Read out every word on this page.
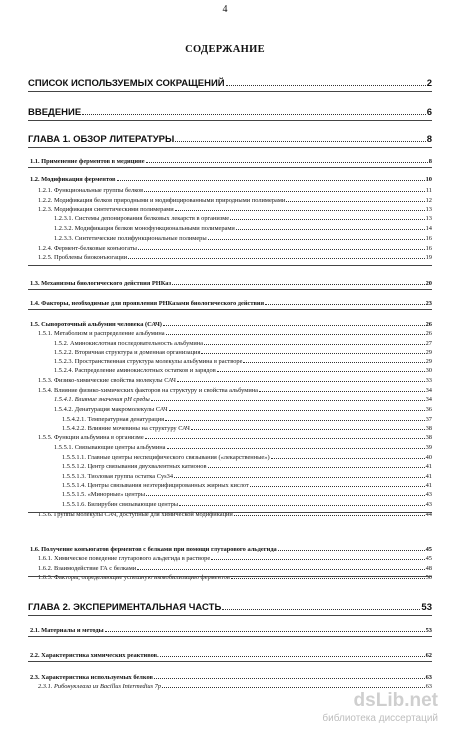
4
СОДЕРЖАНИЕ
СПИСОК ИСПОЛЬЗУЕМЫХ СОКРАЩЕНИЙ	2
ВВЕДЕНИЕ	6
ГЛАВА 1. ОБЗОР ЛИТЕРАТУРЫ	8
1.1. Применение ферментов в медицине	8
1.2. Модификация ферментов	10
1.2.1. Функциональные группы белков	11
1.2.2. Модификация белков природными и модифицированными природными полимерами	12
1.2.3. Модификация синтетическими полимерами	13
1.2.3.1. Системы депонирования белковых лекарств в организме	13
1.2.3.2. Модификация белков монофункциональными полимерами	14
1.2.3.3. Синтетические полифункциональные полимеры	16
1.2.4. Фермент-белковые конъюгаты	16
1.2.5. Проблемы биоконъюгации	19
1.3. Механизмы биологического действия РНКаз	20
1.4. Факторы, необходимые для проявления РНКазами биологического действия	23
1.5. Сывороточный альбумин человека (САЧ)	26
1.5.1. Метаболизм и распределение альбумина	26
1.5.2. Аминокислотная последовательность альбумина	27
1.5.2.2. Вторичная структура и доменная организация	29
1.5.2.3. Пространственная структура молекулы альбумина в растворе	29
1.5.2.4. Распределение аминокислотных остатков и зарядов	30
1.5.3. Физико-химические свойства молекулы САЧ	33
1.5.4. Влияние физико-химических факторов на структуру и свойства альбумина	34
1.5.4.1. Влияние значения рН среды	34
1.5.4.2. Денатурация макромолекулы САЧ	36
1.5.4.2.1. Температурная денатурация	37
1.5.4.2.2. Влияние мочевины на структуру САЧ	38
1.5.5. Функции альбумина в организме	38
1.5.5.1. Связывающие центры альбумина	39
1.5.5.1.1. Главные центры неспецифического связывания («лекарственные»)	40
1.5.5.1.2. Центр связывания двухвалентных катионов	41
1.5.5.1.3. Тиоловая группа остатка Cys34	41
1.5.5.1.4. Центры связывания неэтерифицированных жирных кислот	41
1.5.5.1.5. «Минорные» центры	43
1.5.5.1.6. Билирубин связывающие центры	43
1.5.6. Группы молекулы САЧ, доступные для химической модификации	44
1.6. Получение конъюгатов ферментов с белками при помощи глутарового альдегида	45
1.6.1. Химическое поведение глутарового альдегида в растворе	45
1.6.2. Взаимодействие ГА с белками	48
1.6.3. Факторы, определяющие успешную иммобилизацию ферментов	50
ГЛАВА 2. ЭКСПЕРИМЕНТАЛЬНАЯ ЧАСТЬ	53
2.1. Материалы и методы	53
2.2. Характеристика химических реактивов.	62
2.3. Характеристика используемых белков	63
2.3.1. Рибонуклеаза из Bacillus Intermedius 7р	63
dsLib.net
библиотека диссертаций
